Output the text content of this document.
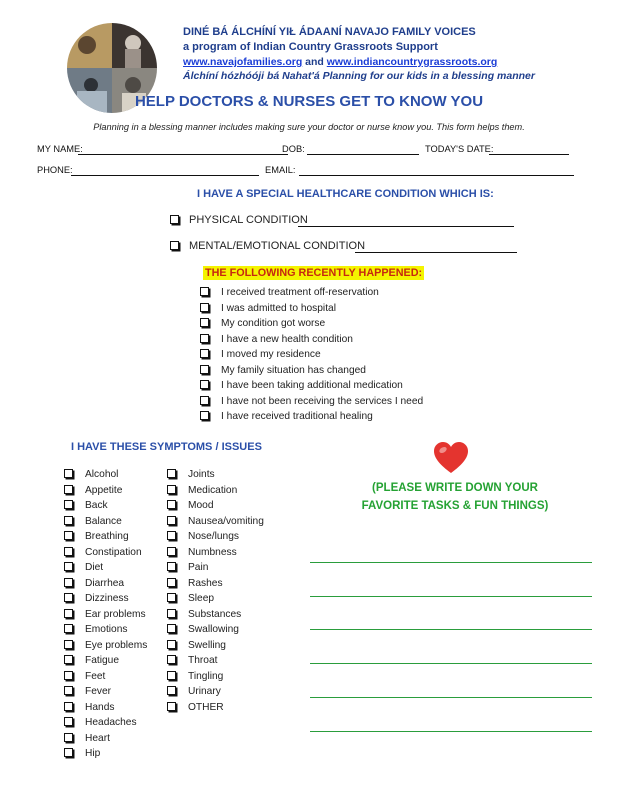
DINÉ BÁ ÁLCHÍNÍ YIŁ ÁDAANÍ NAVAJO FAMILY VOICES
a program of Indian Country Grassroots Support
www.navajofamilies.org and www.indiancountrygrassroots.org
Álchíní hózhóóji bá Nahat'á Planning for our kids in a blessing manner
HELP DOCTORS & NURSES GET TO KNOW YOU
Planning in a blessing manner includes making sure your doctor or nurse know you. This form helps them.
MY NAME:	DOB:	TODAY'S DATE:
PHONE:	EMAIL:
I HAVE A SPECIAL HEALTHCARE CONDITION WHICH IS:
PHYSICAL CONDITION
MENTAL/EMOTIONAL CONDITION
THE FOLLOWING RECENTLY HAPPENED:
I received treatment off-reservation
I was admitted to hospital
My condition got worse
I have a new health condition
I moved my residence
My family situation has changed
I have been taking additional medication
I have not been receiving the services I need
I have received traditional healing
I HAVE THESE SYMPTOMS / ISSUES
Alcohol
Appetite
Back
Balance
Breathing
Constipation
Diet
Diarrhea
Dizziness
Ear problems
Emotions
Eye problems
Fatigue
Feet
Fever
Hands
Headaches
Heart
Hip
Joints
Medication
Mood
Nausea/vomiting
Nose/lungs
Numbness
Pain
Rashes
Sleep
Substances
Swallowing
Swelling
Throat
Tingling
Urinary
OTHER
(PLEASE WRITE DOWN YOUR
FAVORITE TASKS & FUN THINGS)
